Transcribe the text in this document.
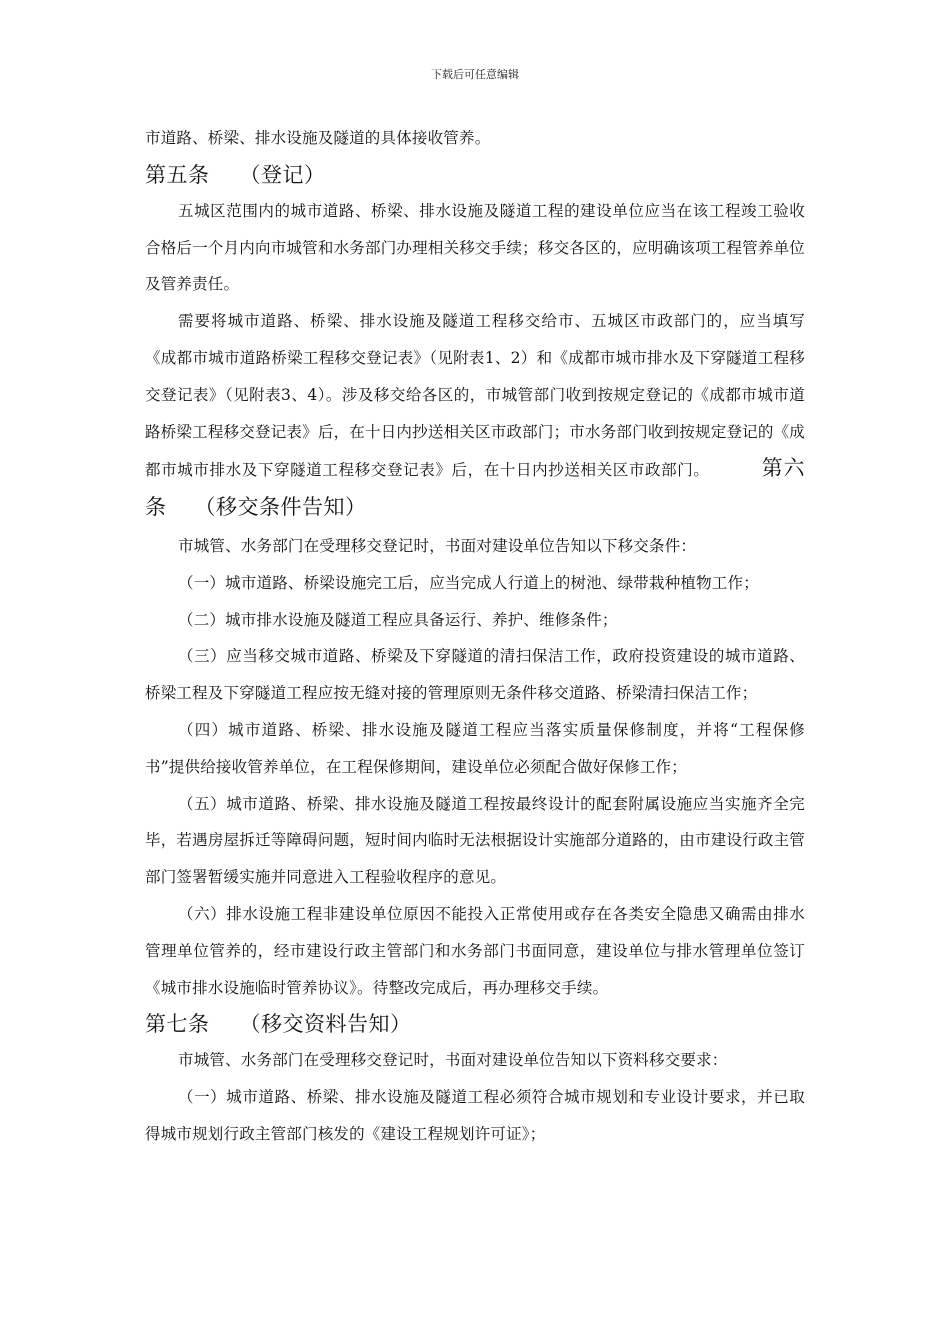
下载后可任意编辑

市道路、桥梁、排水设施及隧道的具体接收管养。

第五条 （登记）

五城区范围内的城市道路、桥梁、排水设施及隧道工程的建设单位应当在该工程竣工验收合格后一个月内向市城管和水务部门办理相关移交手续；移交各区的，应明确该项工程管养单位及管养责任。

需要将城市道路、桥梁、排水设施及隧道工程移交给市、五城区市政部门的，应当填写《成都市城市道路桥梁工程移交登记表》（见附表1、2）和《成都市城市排水及下穿隧道工程移交登记表》（见附表3、4）。涉及移交给各区的，市城管部门收到按规定登记的《成都市城市道路桥梁工程移交登记表》后，在十日内抄送相关区市政部门；市水务部门收到按规定登记的《成都市城市排水及下穿隧道工程移交登记表》后，在十日内抄送相关区市政部门。 第六条 （移交条件告知）

市城管、水务部门在受理移交登记时，书面对建设单位告知以下移交条件：

（一）城市道路、桥梁设施完工后，应当完成人行道上的树池、绿带栽种植物工作；

（二）城市排水设施及隧道工程应具备运行、养护、维修条件；

（三）应当移交城市道路、桥梁及下穿隧道的清扫保洁工作，政府投资建设的城市道路、桥梁工程及下穿隧道工程应按无缝对接的管理原则无条件移交道路、桥梁清扫保洁工作；

（四）城市道路、桥梁、排水设施及隧道工程应当落实质量保修制度，并将“工程保修书”提供给接收管养单位，在工程保修期间，建设单位必须配合做好保修工作；

（五）城市道路、桥梁、排水设施及隧道工程按最终设计的配套附属设施应当实施齐全完毕，若遇房屋拆迁等障碍问题，短时间内临时无法根据设计实施部分道路的，由市建设行政主管部门签署暂缓实施并同意进入工程验收程序的意见。

（六）排水设施工程非建设单位原因不能投入正常使用或存在各类安全隐患又确需由排水管理单位管养的，经市建设行政主管部门和水务部门书面同意，建设单位与排水管理单位签订《城市排水设施临时管养协议》。待整改完成后，再办理移交手续。

第七条 （移交资料告知）

市城管、水务部门在受理移交登记时，书面对建设单位告知以下资料移交要求：

（一）城市道路、桥梁、排水设施及隧道工程必须符合城市规划和专业设计要求，并已取得城市规划行政主管部门核发的《建设工程规划许可证》；
